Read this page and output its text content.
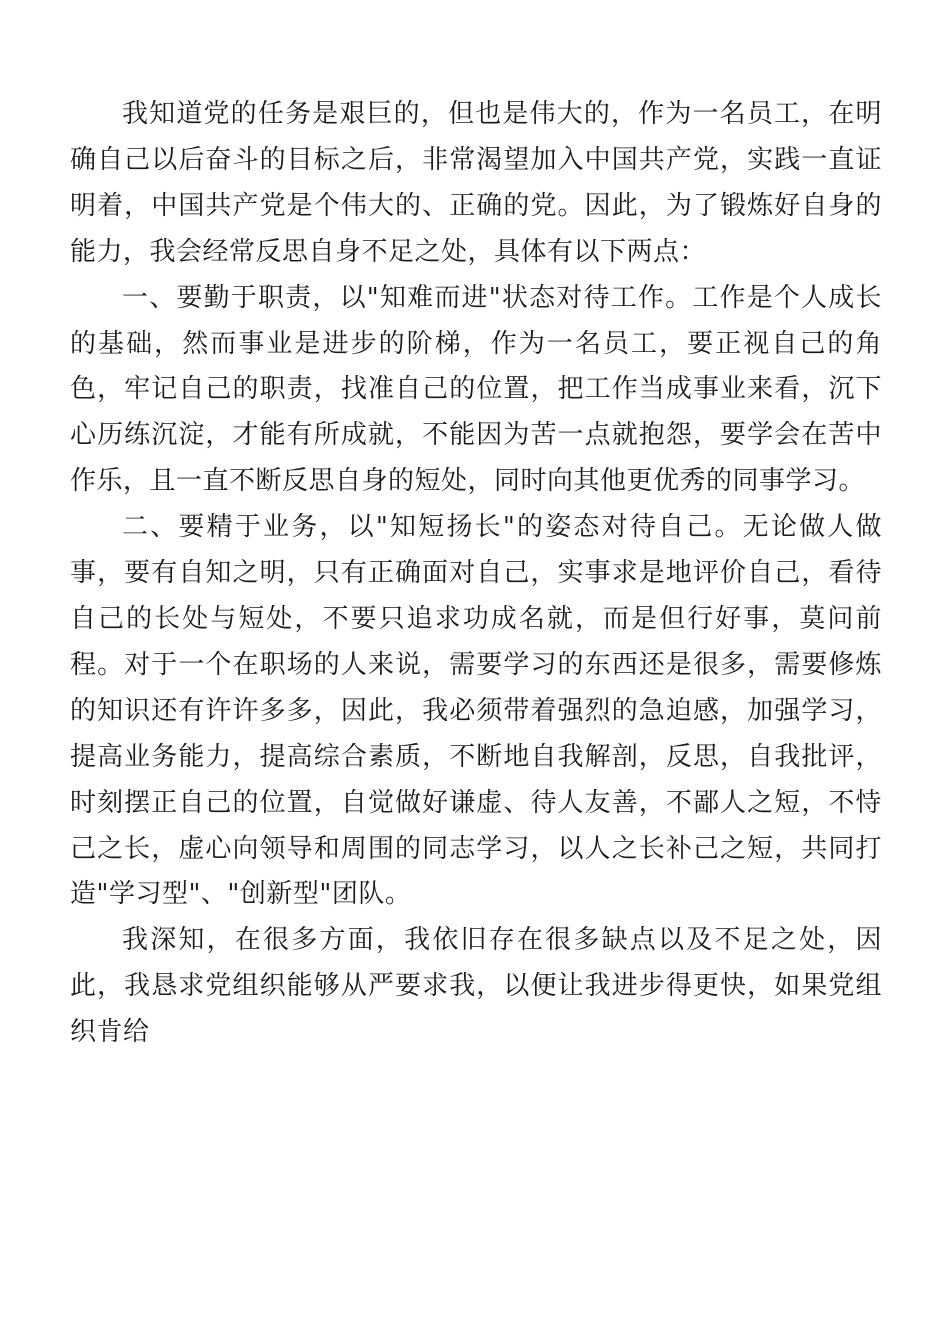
我知道党的任务是艰巨的，但也是伟大的，作为一名员工，在明确自己以后奋斗的目标之后，非常渴望加入中国共产党，实践一直证明着，中国共产党是个伟大的、正确的党。因此，为了锻炼好自身的能力，我会经常反思自身不足之处，具体有以下两点：

一、要勤于职责，以"知难而进"状态对待工作。工作是个人成长的基础，然而事业是进步的阶梯，作为一名员工，要正视自己的角色，牢记自己的职责，找准自己的位置，把工作当成事业来看，沉下心历练沉淀，才能有所成就，不能因为苦一点就抱怨，要学会在苦中作乐，且一直不断反思自身的短处，同时向其他更优秀的同事学习。

二、要精于业务，以"知短扬长"的姿态对待自己。无论做人做事，要有自知之明，只有正确面对自己，实事求是地评价自己，看待自己的长处与短处，不要只追求功成名就，而是但行好事，莫问前程。对于一个在职场的人来说，需要学习的东西还是很多，需要修炼的知识还有许许多多，因此，我必须带着强烈的急迫感，加强学习，提高业务能力，提高综合素质，不断地自我解剖，反思，自我批评，时刻摆正自己的位置，自觉做好谦虚、待人友善，不鄙人之短，不恃己之长，虚心向领导和周围的同志学习，以人之长补己之短，共同打造"学习型"、"创新型"团队。

我深知，在很多方面，我依旧存在很多缺点以及不足之处，因此，我恳求党组织能够从严要求我，以便让我进步得更快，如果党组织肯给
